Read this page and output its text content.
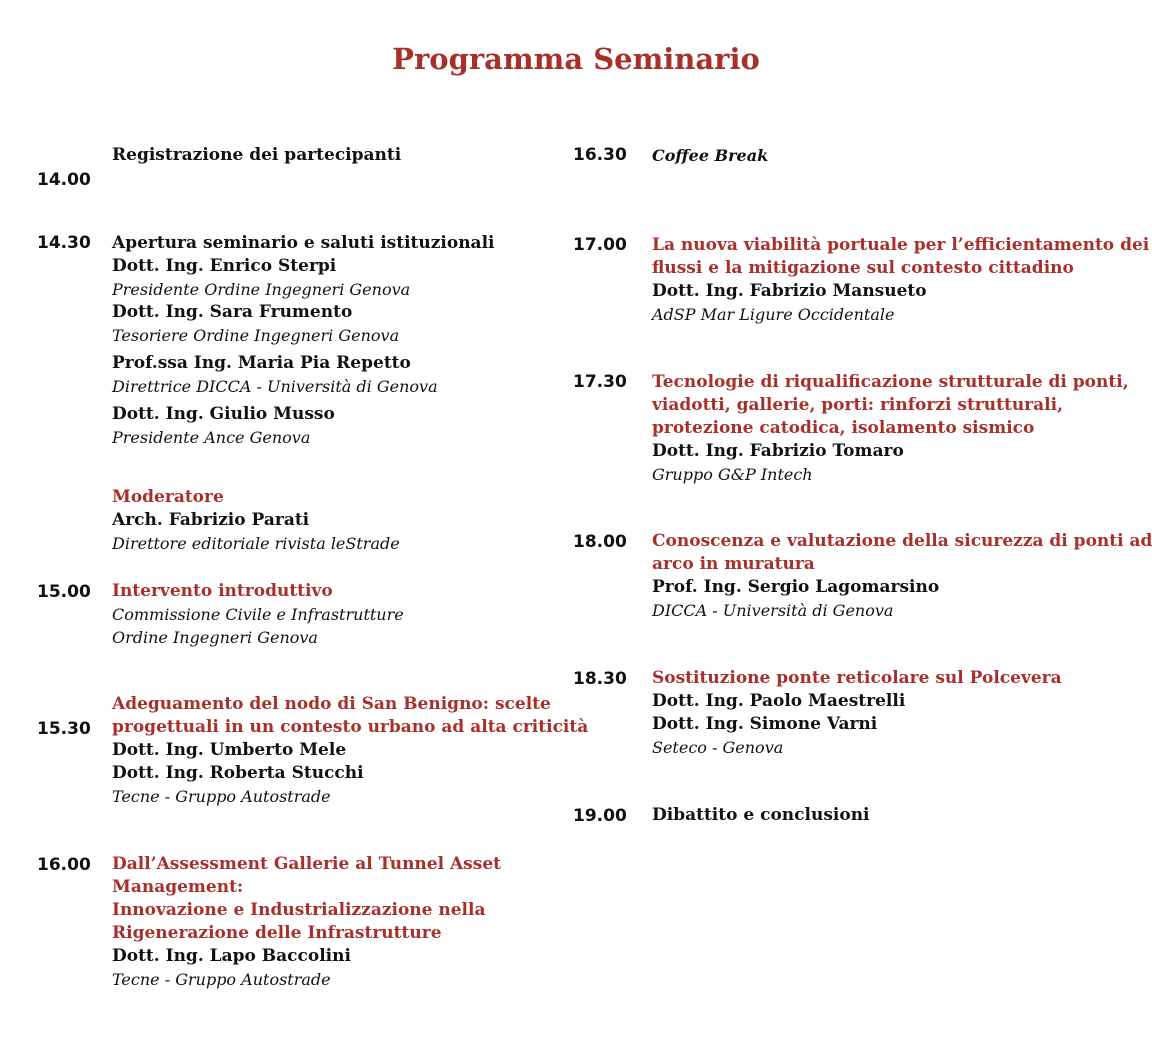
Programma Seminario
14.00
Registrazione dei partecipanti
14.30 Apertura seminario e saluti istituzionali
Dott. Ing. Enrico Sterpi
Presidente Ordine Ingegneri Genova
Dott. Ing. Sara Frumento
Tesoriere Ordine Ingegneri Genova
Prof.ssa Ing. Maria Pia Repetto
Direttrice DICCA - Università di Genova
Dott. Ing. Giulio Musso
Presidente Ance Genova
Moderatore
Arch. Fabrizio Parati
Direttore editoriale rivista leStrade
15.00 Intervento introduttivo
Commissione Civile e Infrastrutture
Ordine Ingegneri Genova
15.30
Adeguamento del nodo di San Benigno: scelte
progettuali in un contesto urbano ad alta criticità
Dott. Ing. Umberto Mele
Dott. Ing. Roberta Stucchi
Tecne - Gruppo Autostrade
16.00 Dall’Assessment Gallerie al Tunnel Asset
Management:
Innovazione e Industrializzazione nella
Rigenerazione delle Infrastrutture
Dott. Ing. Lapo Baccolini
Tecne - Gruppo Autostrade
16.30 Coffee Break
17.00 La nuova viabilità portuale per l’efficientamento dei
flussi e la mitigazione sul contesto cittadino
Dott. Ing. Fabrizio Mansueto
AdSP Mar Ligure Occidentale
17.30 Tecnologie di riqualificazione strutturale di ponti,
viadotti, gallerie, porti: rinforzi strutturali,
protezione catodica, isolamento sismico
Dott. Ing. Fabrizio Tomaro
Gruppo G&P Intech
18.00 Conoscenza e valutazione della sicurezza di ponti ad
arco in muratura
Prof. Ing. Sergio Lagomarsino
DICCA - Università di Genova
18.30 Sostituzione ponte reticolare sul Polcevera
Dott. Ing. Paolo Maestrelli
Dott. Ing. Simone Varni
Seteco - Genova
19.00 Dibattito e conclusioni
